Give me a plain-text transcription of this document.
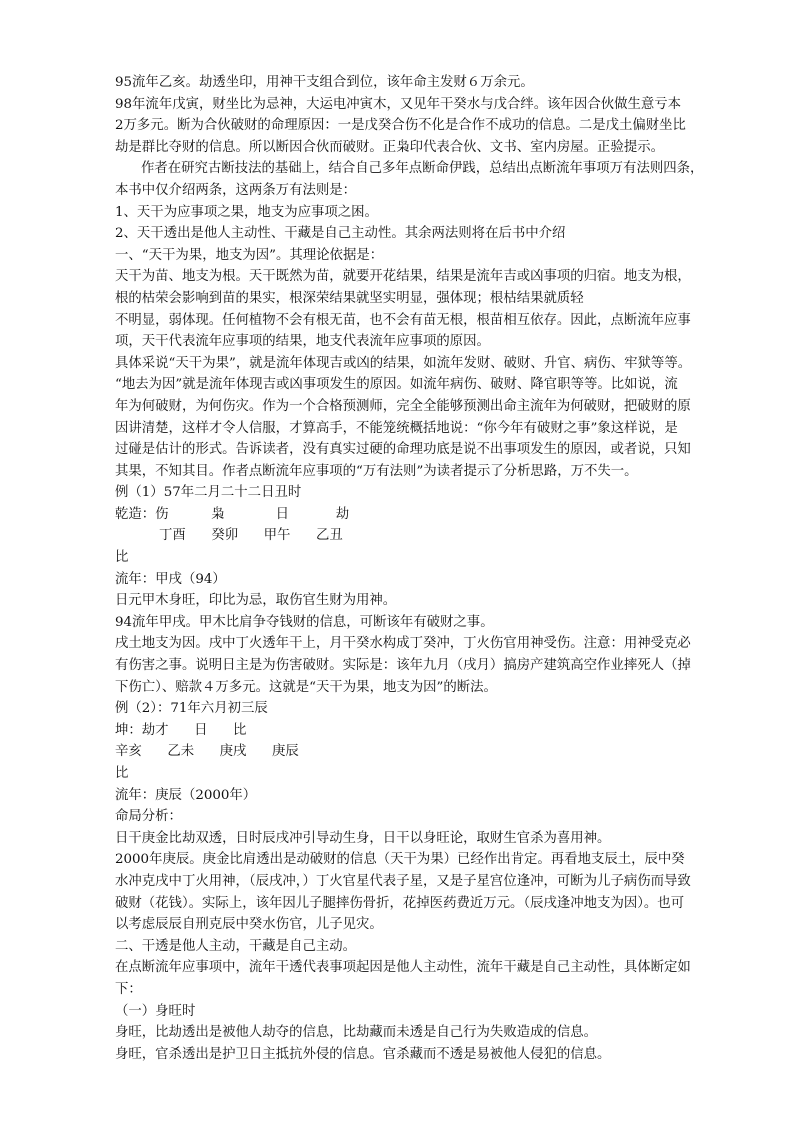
95流年乙亥。劫透坐印，用神干支组合到位，该年命主发财６万余元。
98年流年戊寅，财坐比为忌神，大运电冲寅木，又见年干癸水与戊合绊。该年因合伙做生意亏本
2万多元。断为合伙破财的命理原因：一是戊癸合伤不化是合作不成功的信息。二是戊土偏财坐比
劫是群比夺财的信息。所以断因合伙而破财。正枭印代表合伙、文书、室内房屋。正验提示。
作者在研究古断技法的基础上，结合自己多年点断命伊践，总结出点断流年事项万有法则四条，
本书中仅介绍两条，这两条万有法则是：
1、天干为应事项之果，地支为应事项之困。
2、天干透出是他人主动性、干藏是自己主动性。其余两法则将在后书中介绍
一、“天干为果，地支为因”。其理论依据是：
天干为苗、地支为根。天干既然为苗，就要开花结果，结果是流年吉或凶事项的归宿。地支为根，
根的枯荣会影响到苗的果实，根深荣结果就坚实明显，强体现；根枯结果就质轻
不明显，弱体现。任何植物不会有根无苗，也不会有苗无根，根苗相互依存。因此，点断流年应事
项，天干代表流年应事项的结果，地支代表流年应事项的原因。
具体采说“天干为果”，就是流年体现吉或凶的结果，如流年发财、破财、升官、病伤、牢狱等等。
“地去为因”就是流年体现吉或凶事项发生的原因。如流年病伤、破财、降官职等等。比如说，流
年为何破财，为何伤灾。作为一个合格预测师，完全全能够预测出命主流年为何破财，把破财的原
因讲清楚，这样才令人信服，才算高手，不能笼统概括地说：“你今年有破财之事”象这样说，是
过碰是估计的形式。告诉读者，没有真实过硬的命理功底是说不出事项发生的原因，或者说，只知
其果，不知其目。作者点断流年应事项的“万有法则”为读者提示了分析思路，万不失一。
例（1）57年二月二十二日丑时
乾造：伤          枭            日           劫
丁酉      癸卯      甲午      乙丑
比
流年：甲戌（94）
日元甲木身旺，印比为忌，取伤官生财为用神。
94流年甲戌。甲木比肩争夺钱财的信息，可断该年有破财之事。
戌土地支为因。戌中丁火透年干上，月干癸水构成丁癸冲，丁火伤官用神受伤。注意：用神受克必
有伤害之事。说明日主是为伤害破财。实际是：该年九月（戌月）搞房产建筑高空作业摔死人（掉
下伤亡）、赔款４万多元。这就是“天干为果，地支为因”的断法。
例（2）：71年六月初三辰
坤：劫才      日      比
辛亥      乙未      庚戌      庚辰
比
流年：庚辰（2000年）
命局分析：
日干庚金比劫双透，日时辰戌冲引导动生身，日干以身旺论，取财生官杀为喜用神。
2000年庚辰。庚金比肩透出是动破财的信息（天干为果）已经作出肯定。再看地支辰土，辰中癸
水冲克戌中丁火用神，（辰戌冲，）丁火官星代表子星，又是子星宫位逢冲，可断为儿子病伤而导致
破财（花钱）。实际上，该年因儿子腿摔伤骨折，花掉医药费近万元。（辰戌逢冲地支为因）。也可
以考虑辰辰自刑克辰中癸水伤官，儿子见灾。
二、干透是他人主动，干藏是自己主动。
在点断流年应事项中，流年干透代表事项起因是他人主动性，流年干藏是自己主动性，具体断定如
下：
（一）身旺时
身旺，比劫透出是被他人劫夺的信息，比劫藏而未透是自己行为失败造成的信息。
身旺，官杀透出是护卫日主抵抗外侵的信息。官杀藏而不透是易被他人侵犯的信息。
